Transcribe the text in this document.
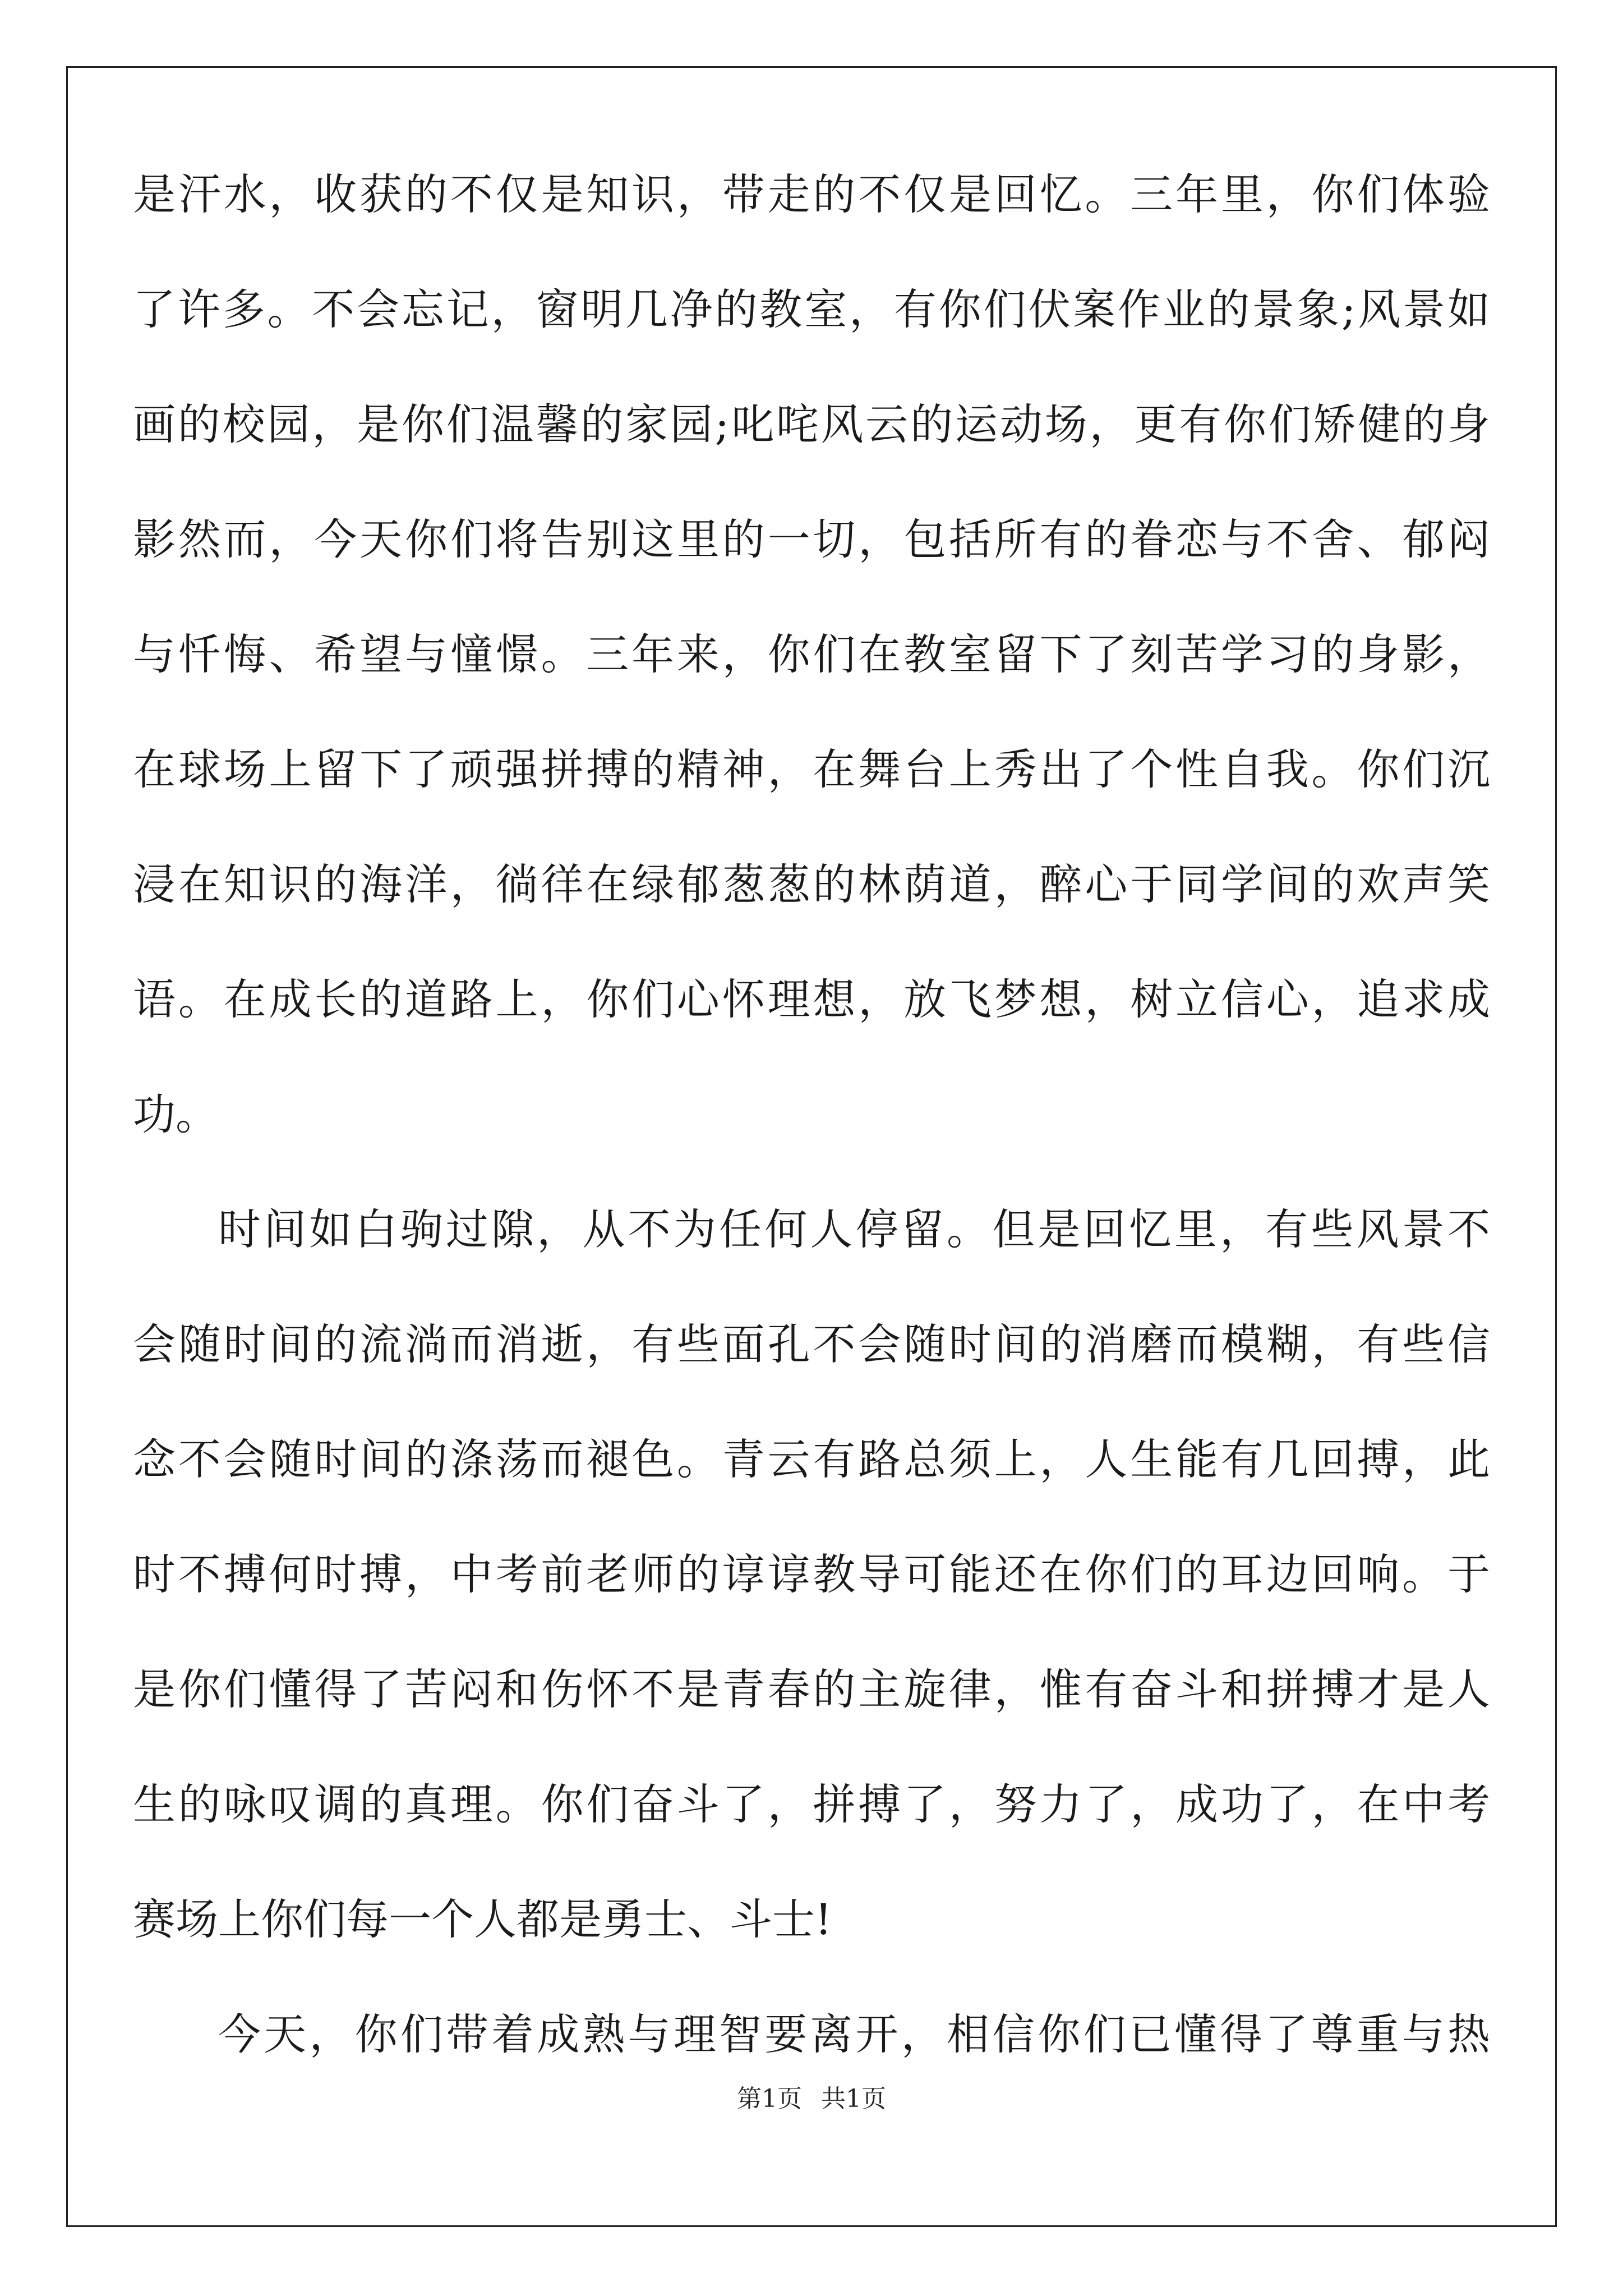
是汗水，收获的不仅是知识，带走的不仅是回忆。三年里，你们体验
了许多。不会忘记，窗明几净的教室，有你们伏案作业的景象;风景如
画的校园，是你们温馨的家园;叱咤风云的运动场，更有你们矫健的身
影然而，今天你们将告别这里的一切，包括所有的眷恋与不舍、郁闷
与忏悔、希望与憧憬。三年来，你们在教室留下了刻苦学习的身影，
在球场上留下了顽强拼搏的精神，在舞台上秀出了个性自我。你们沉
浸在知识的海洋，徜徉在绿郁葱葱的林荫道，醉心于同学间的欢声笑
语。在成长的道路上，你们心怀理想，放飞梦想，树立信心，追求成
功。
时间如白驹过隙，从不为任何人停留。但是回忆里，有些风景不
会随时间的流淌而消逝，有些面孔不会随时间的消磨而模糊，有些信
念不会随时间的涤荡而褪色。青云有路总须上，人生能有几回搏，此
时不搏何时搏，中考前老师的谆谆教导可能还在你们的耳边回响。于
是你们懂得了苦闷和伤怀不是青春的主旋律，惟有奋斗和拼搏才是人
生的咏叹调的真理。你们奋斗了，拼搏了，努力了，成功了，在中考
赛场上你们每一个人都是勇士、斗士!
今天，你们带着成熟与理智要离开，相信你们已懂得了尊重与热
第1页 共1页
